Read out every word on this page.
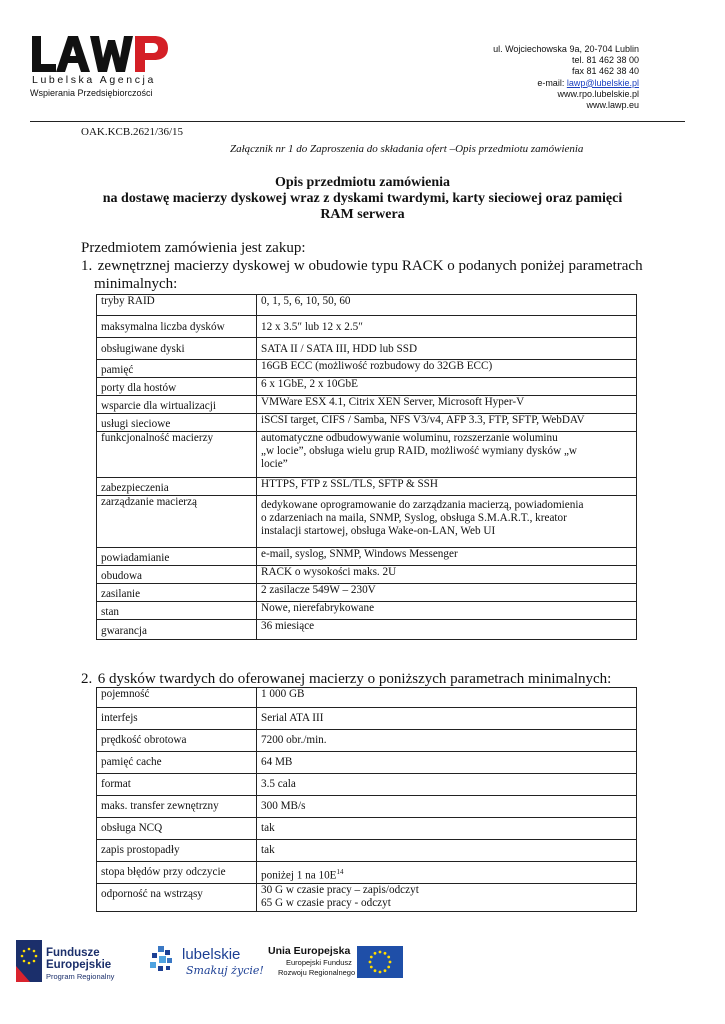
Lubelska Agencja
Wspierania Przedsiębiorczości
ul. Wojciechowska 9a, 20-704 Lublin
tel. 81 462 38 00
fax 81 462 38 40
e-mail: lawp@lubelskie.pl
www.rpo.lubelskie.pl
www.lawp.eu
OAK.KCB.2621/36/15
Załącznik nr 1 do Zaproszenia do składania ofert –Opis przedmiotu zamówienia
Opis przedmiotu zamówienia
na dostawę macierzy dyskowej wraz z dyskami twardymi, karty sieciowej oraz pamięci
RAM serwera
Przedmiotem zamówienia jest zakup:
1. zewnętrznej macierzy dyskowej w obudowie typu RACK o podanych poniżej parametrach
minimalnych:
tryby RAID	0, 1, 5, 6, 10, 50, 60
maksymalna liczba dysków	12 x 3.5″ lub 12 x 2.5″
obsługiwane dyski	SATA II / SATA III, HDD lub SSD
pamięć	16GB ECC (możliwość rozbudowy do 32GB ECC)
porty dla hostów	6 x 1GbE, 2 x 10GbE
wsparcie dla wirtualizacji	VMWare ESX 4.1, Citrix XEN Server, Microsoft Hyper-V
usługi sieciowe	iSCSI target, CIFS / Samba, NFS V3/v4, AFP 3.3, FTP, SFTP, WebDAV
funkcjonalność macierzy	automatyczne odbudowywanie woluminu, rozszerzanie woluminu
„w locie”, obsługa wielu grup RAID, możliwość wymiany dysków „w
locie”

zabezpieczenia	HTTPS, FTP z SSL/TLS, SFTP & SSH
zarządzanie macierzą	dedykowane oprogramowanie do zarządzania macierzą, powiadomienia
o zdarzeniach na maila, SNMP, Syslog, obsługa S.M.A.R.T., kreator
instalacji startowej, obsługa Wake-on-LAN, Web UI

powiadamianie	e-mail, syslog, SNMP, Windows Messenger
obudowa	RACK o wysokości maks. 2U
zasilanie	2 zasilacze 549W – 230V
stan	Nowe, nierefabrykowane
gwarancja	36 miesiące
2. 6 dysków twardych do oferowanej macierzy o poniższych parametrach minimalnych:
pojemność	1 000 GB
interfejs	Serial ATA III
prędkość obrotowa	7200 obr./min.
pamięć cache	64 MB
format	3.5 cala
maks. transfer zewnętrzny	300 MB/s
obsługa NCQ	tak
zapis prostopadły	tak
stopa błędów przy odczycie	poniżej 1 na $10E^{14}$
odporność na wstrząsy	30 G w czasie pracy – zapis/odczyt
65 G w czasie pracy - odczyt
Fundusze
Europejskie
Program Regionalny
lubelskie
Smakuj życie!
Unia Europejska
Europejski Fundusz
Rozwoju Regionalnego
